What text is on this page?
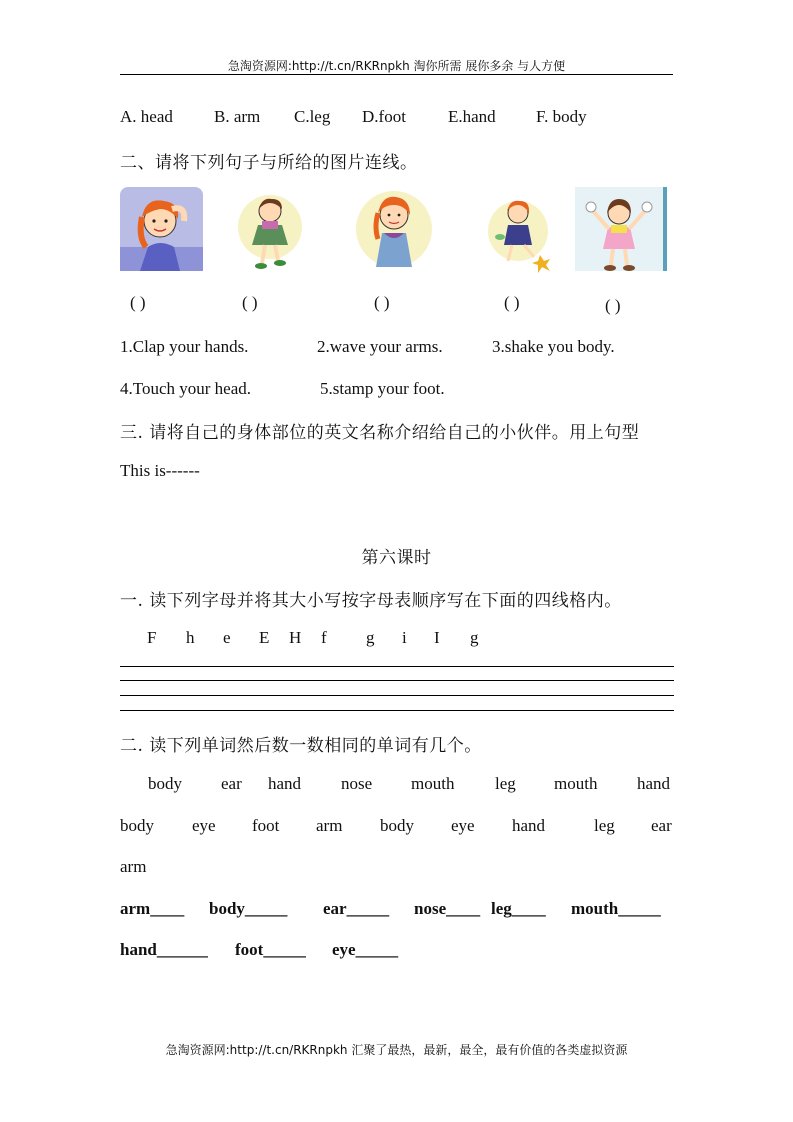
急淘资源网:http://t.cn/RKRnpkh 淘你所需 展你多余 与人方便
A. head B. arm C.leg D.foot E.hand F. body
二、请将下列句子与所给的图片连线。
( )	( )	( )	( )	( )
1.Clap your hands.	2.wave your arms.	3.shake you body.
4.Touch your head.	5.stamp your foot.
三. 请将自己的身体部位的英文名称介绍给自己的小伙伴。用上句型
This is------
第六课时
一. 读下列字母并将其大小写按字母表顺序写在下面的四线格内。
F h e E H f g i I g
二. 读下列单词然后数一数相同的单词有几个。
body ear hand nose mouth leg mouth hand
body eye foot arm body eye hand	leg ear
arm
arm____ body_____ ear_____ nose____ leg____ mouth_____
hand______ foot_____ eye_____
急淘资源网:http://t.cn/RKRnpkh 汇聚了最热，最新，最全，最有价值的各类虚拟资源
